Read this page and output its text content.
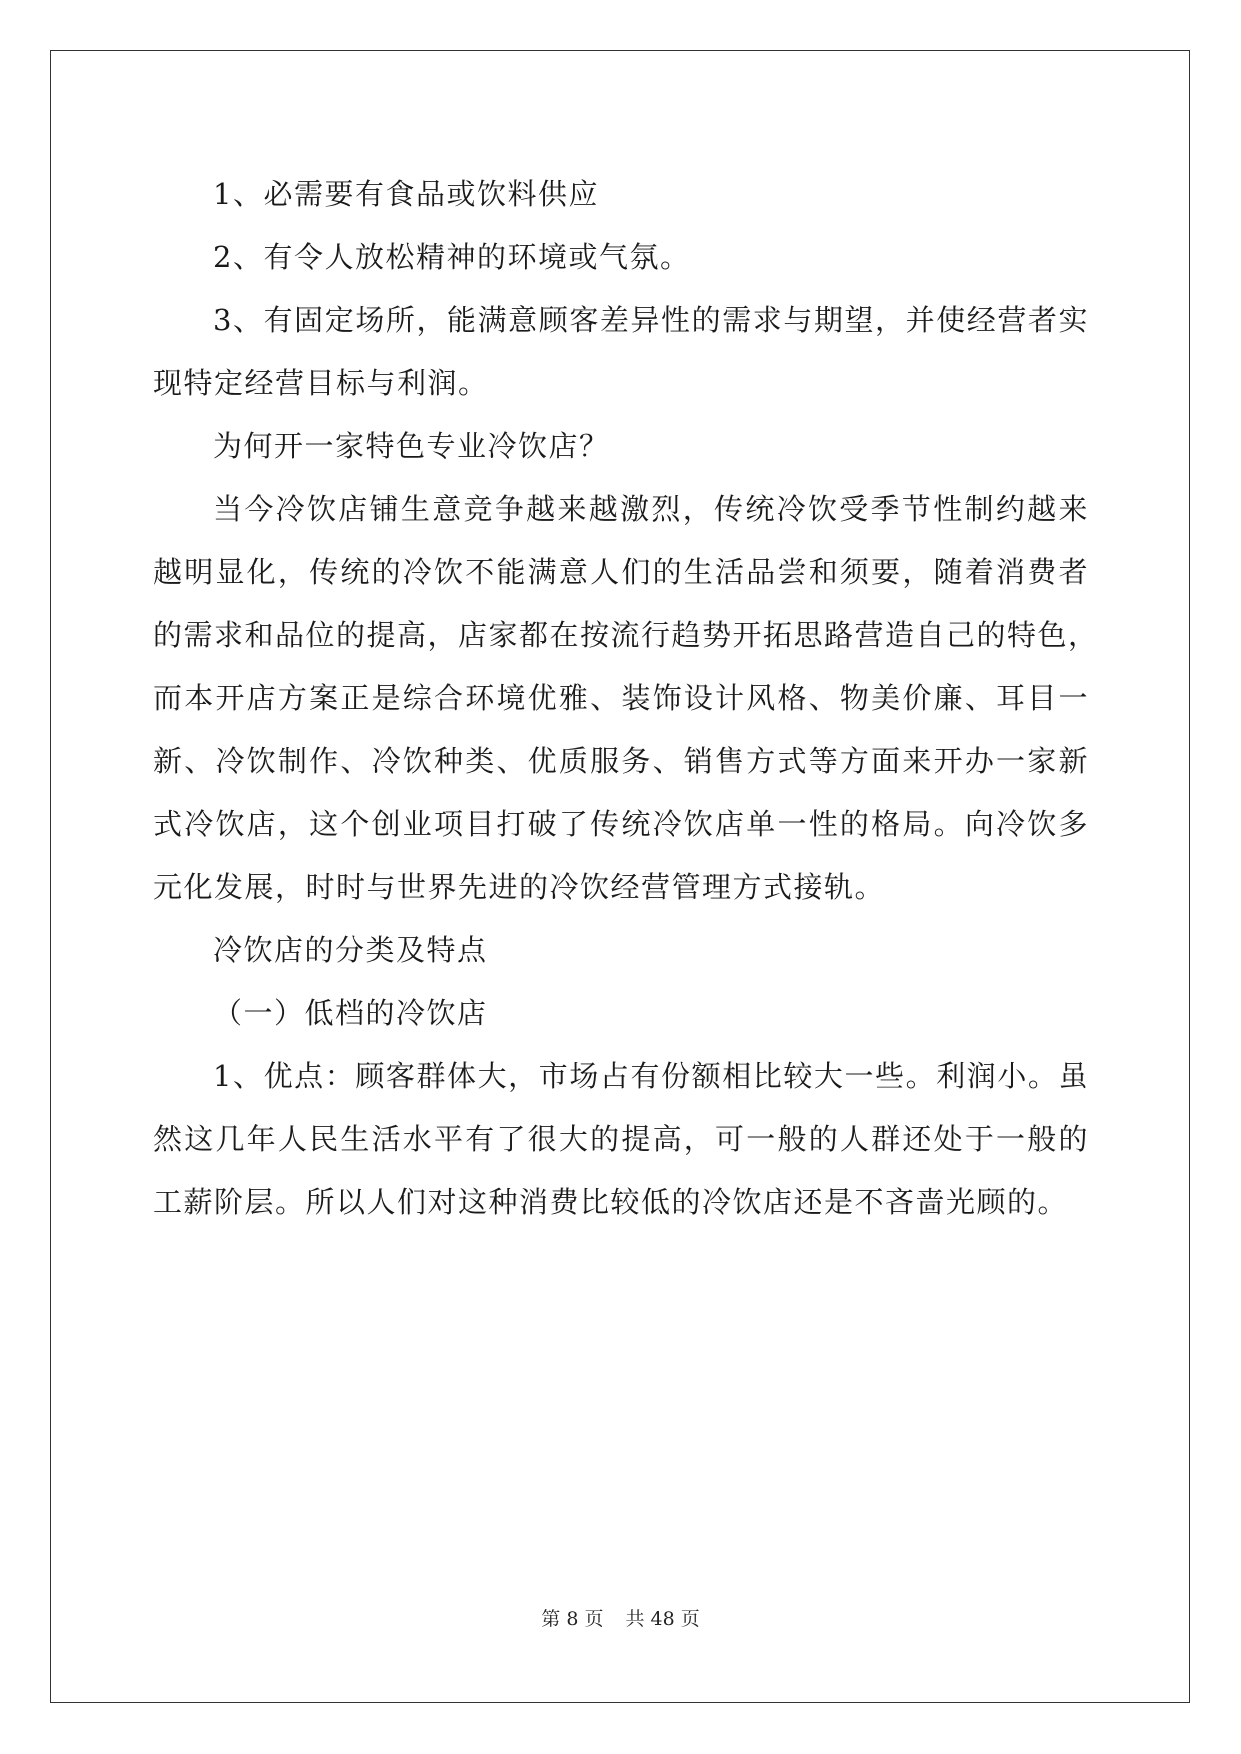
1、必需要有食品或饮料供应
2、有令人放松精神的环境或气氛。
3、有固定场所，能满意顾客差异性的需求与期望，并使经营者实
现特定经营目标与利润。
为何开一家特色专业冷饮店？
当今冷饮店铺生意竞争越来越激烈，传统冷饮受季节性制约越来
越明显化，传统的冷饮不能满意人们的生活品尝和须要，随着消费者
的需求和品位的提高，店家都在按流行趋势开拓思路营造自己的特色，
而本开店方案正是综合环境优雅、装饰设计风格、物美价廉、耳目一
新、冷饮制作、冷饮种类、优质服务、销售方式等方面来开办一家新
式冷饮店，这个创业项目打破了传统冷饮店单一性的格局。向冷饮多
元化发展，时时与世界先进的冷饮经营管理方式接轨。
冷饮店的分类及特点
（一）低档的冷饮店
1、优点：顾客群体大，市场占有份额相比较大一些。利润小。虽
然这几年人民生活水平有了很大的提高，可一般的人群还处于一般的
工薪阶层。所以人们对这种消费比较低的冷饮店还是不吝啬光顾的。
第 8 页 共 48 页
